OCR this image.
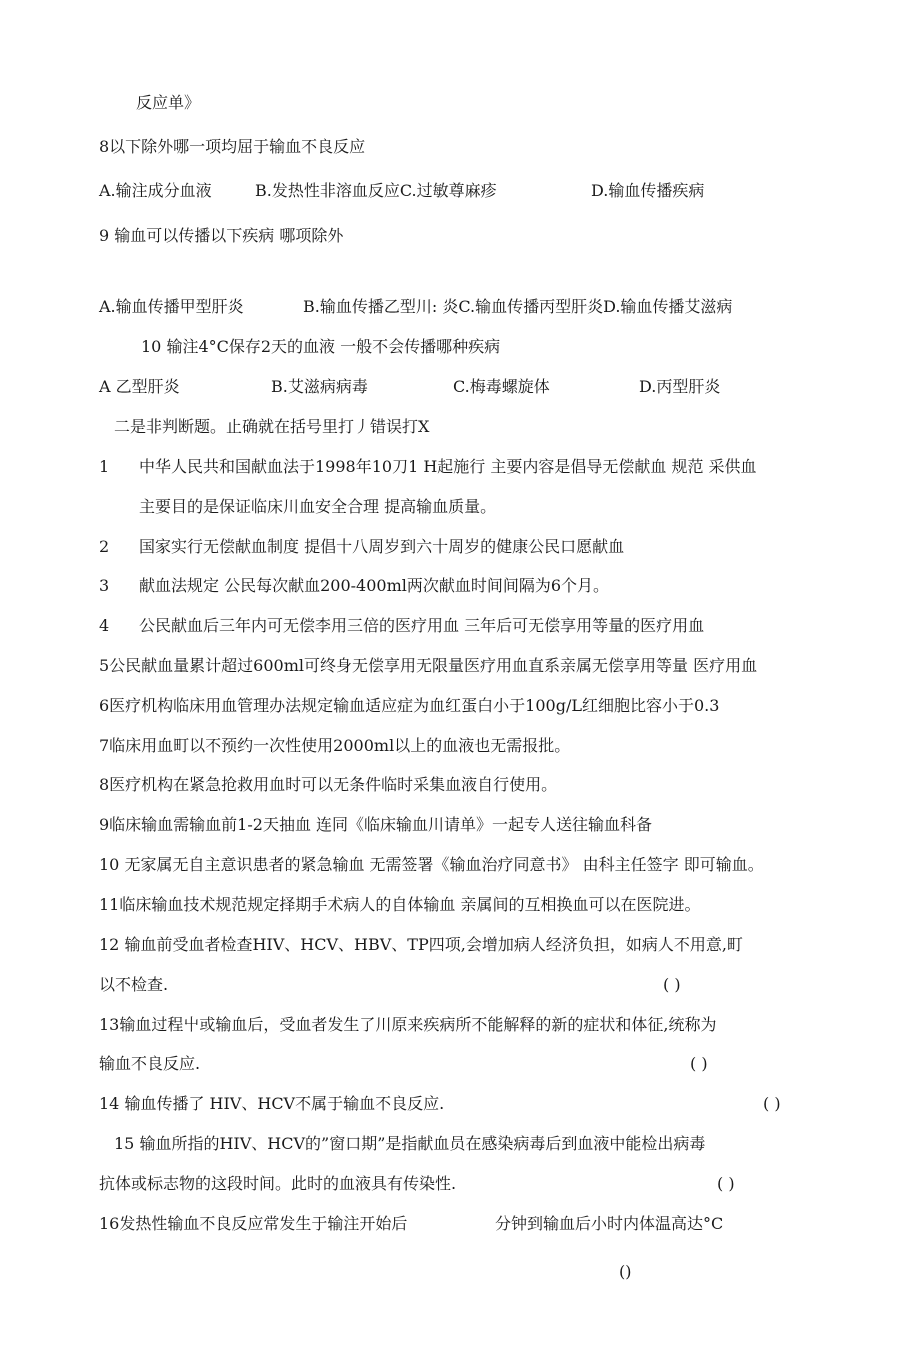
反应单》
8以下除外哪一项均屈于输血不良反应
A.输注成分血液	B.发热性非溶血反应C.过敏尊麻疹	D.输血传播疾病
9 输血可以传播以下疾病 哪项除外
A.输血传播甲型肝炎	B.输血传播乙型川: 炎C.输血传播丙型肝炎D.输血传播艾滋病
10 输注4°C保存2天的血液 一般不会传播哪种疾病
A 乙型肝炎	B.艾滋病病毒	C.梅毒螺旋体	D.丙型肝炎
二是非判断题。止确就在括号里打丿错误打X
1 中华人民共和国献血法于1998年10刀1 H起施行 主要内容是倡导无偿献血 规范 采供血
主要目的是保证临床川血安全合理 提高输血质量。
2 国家实行无偿献血制度 提倡十八周岁到六十周岁的健康公民口愿献血
3 献血法规定 公民每次献血200-400ml两次献血时间间隔为6个月。
4 公民献血后三年内可无偿李用三倍的医疗用血 三年后可无偿享用等量的医疗用血
5公民献血量累计超过600ml可终身无偿享用无限量医疗用血直系亲属无偿享用等量 医疗用血
6医疗机构临床用血管理办法规定输血适应症为血红蛋白小于100g/L红细胞比容小于0.3
7临床用血町以不预约一次性使用2000ml以上的血液也无需报批。
8医疗机构在紧急抢救用血时可以无条件临时采集血液自行使用。
9临床输血需输血前1-2天抽血 连同《临床输血川请单》一起专人送往输血科备
10 无家属无自主意识患者的紧急输血 无需签署《输血治疗同意书》 由科主任签字 即可输血。
11临床输血技术规范规定择期手术病人的自体输血 亲属间的互相换血可以在医院进。
12 输血前受血者检查HIV、HCV、HBV、TP四项,会增加病人经济负担，如病人不用意,町
以不检查.	( )
13输血过程屮或输血后，受血者发生了川原来疾病所不能解释的新的症状和体征,统称为
输血不良反应.	( )
14 输血传播了 HIV、HCV不属于输血不良反应.	( )
15 输血所指的HIV、HCV的”窗口期”是指献血员在感染病毒后到血液中能检出病毒
抗体或标志物的这段时间。此时的血液具有传染性.	( )
16发热性输血不良反应常发生于输注开始后	分钟到输血后小时内体温高达°C
()
